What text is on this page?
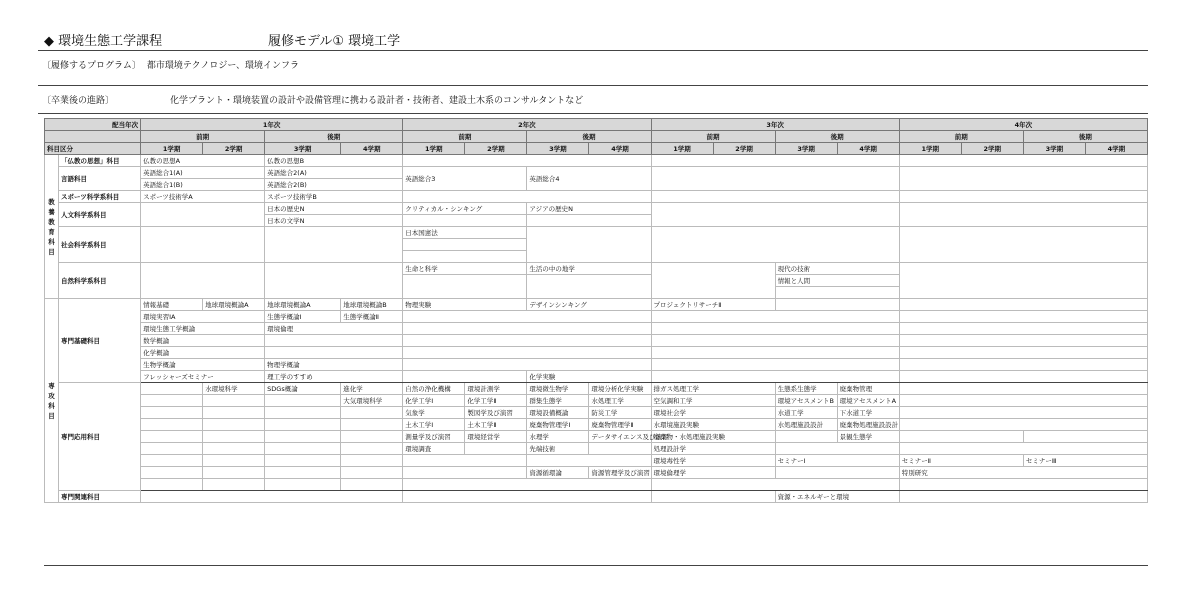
◆ 環境生態工学課程	履修モデル① 環境工学
〔履修するプログラム〕 都市環境テクノロジー、環境インフラ
〔卒業後の進路〕	化学プラント・環境装置の設計や設備管理に携わる設計者・技術者、建設土木系のコンサルタントなど
配当年次		1年次				2年次				3年次				4年次			
		前期		後期		前期		後期		前期		後期		前期		後期	
科目区分		1学期	2学期	3学期	4学期	1学期	2学期	3学期	4学期	1学期	2学期	3学期	4学期	1学期	2学期	3学期	4学期
教養教育科目	「仏教の思想」科目	仏教の思想A		仏教の思想B													
	言語科目	英語総合1(A)		英語総合2(A)		英語総合3		英語総合4									
		英語総合1(B)		英語総合2(B)													
	スポーツ科学系科目	スポーツ技術学A		スポーツ技術学B													
	人文科学系科目			日本の歴史N		クリティカル・シンキング		アジアの歴史N									
				日本の文学N													
	社会科学系科目					日本国憲法											

	自然科学系科目					生命と科学		生活の中の地学				現代の技術					
												情報と人間					

専攻科目	専門基礎科目	情報基礎	地球環境概論A	地球環境概論A	地球環境概論B	物理実験		デザインシンキング		プロジェクトリサーチⅡ							
		環境実習ⅠA		生態学概論Ⅰ	生態学概論Ⅱ												
		環境生態工学概論		環境倫理													
		数学概論															
		化学概論															
		生物学概論		物理学概論													
		フレッシャーズセミナー		理工学のすすめ				化学実験									
	専門応用科目		水環境科学	SDGs概論	進化学	自然の浄化機構	環境計測学	環境微生物学	環境分析化学実験	排ガス処理工学		生態系生態学	廃棄物管理				
					大気環境科学	化学工学Ⅰ	化学工学Ⅱ	群集生態学	水処理工学	空気調和工学		環境アセスメントB	環境アセスメントA				
						気象学	製図学及び演習	環境設備概論	防災工学	環境社会学		水道工学	下水道工学				
						土木工学Ⅰ	土木工学Ⅱ	廃棄物管理学Ⅰ	廃棄物管理学Ⅱ	水環境施設実験		水処理施設設計	廃棄物処理施設設計				
						測量学及び演習	環境経営学	水理学	データサイエンス及び演習	廃棄物・水処理施設実験			景観生態学				
						環境調査		先端技術		処理設計学							
										環境毒性学		セミナーⅠ		セミナーⅡ		セミナーⅢ	
								資源循環論	資源管理学及び演習	環境倫理学				特別研究			

	専門関連科目											資源・エネルギーと環境					
